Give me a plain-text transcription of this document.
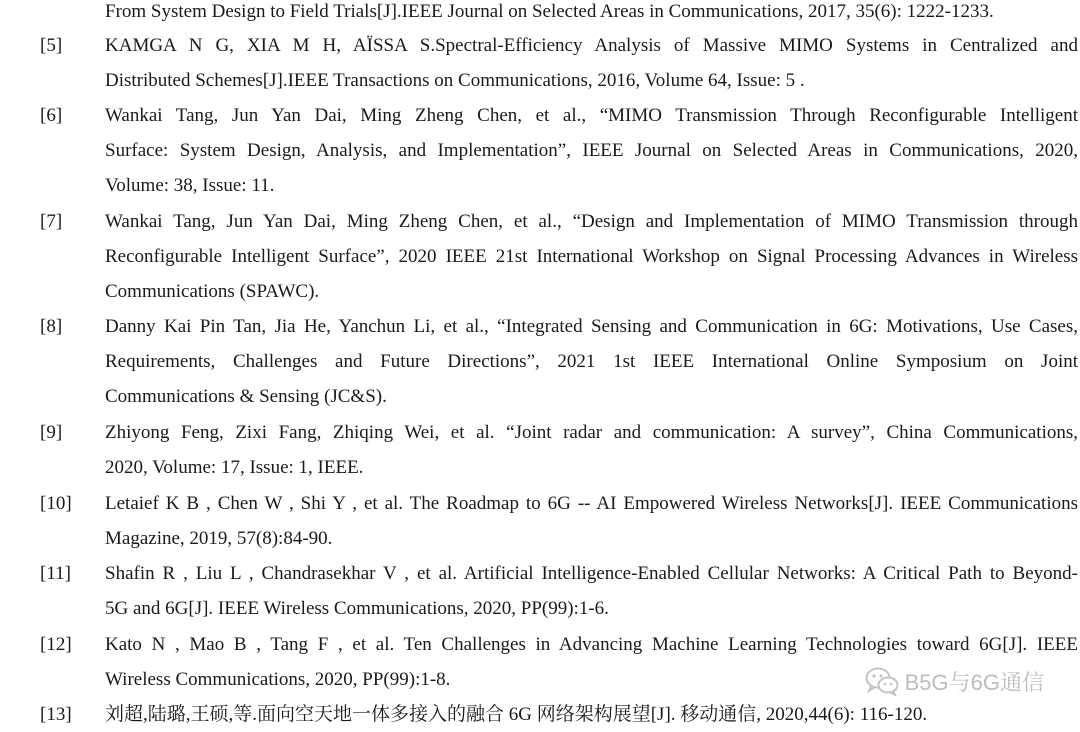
From System Design to Field Trials[J].IEEE Journal on Selected Areas in Communications, 2017, 35(6): 1222-1233.
[5] KAMGA N G, XIA M H, AÏSSA S.Spectral-Efficiency Analysis of Massive MIMO Systems in Centralized and
Distributed Schemes[J].IEEE Transactions on Communications, 2016, Volume 64, Issue: 5 .
[6] Wankai Tang, Jun Yan Dai, Ming Zheng Chen, et al., “MIMO Transmission Through Reconfigurable Intelligent
Surface: System Design, Analysis, and Implementation”, IEEE Journal on Selected Areas in Communications, 2020,
Volume: 38, Issue: 11.
[7] Wankai Tang, Jun Yan Dai, Ming Zheng Chen, et al., “Design and Implementation of MIMO Transmission through
Reconfigurable Intelligent Surface”, 2020 IEEE 21st International Workshop on Signal Processing Advances in Wireless
Communications (SPAWC).
[8] Danny Kai Pin Tan, Jia He, Yanchun Li, et al., “Integrated Sensing and Communication in 6G: Motivations, Use Cases,
Requirements, Challenges and Future Directions”, 2021 1st IEEE International Online Symposium on Joint
Communications & Sensing (JC&S).
[9] Zhiyong Feng, Zixi Fang, Zhiqing Wei, et al. “Joint radar and communication: A survey”, China Communications,
2020, Volume: 17, Issue: 1, IEEE.
[10] Letaief K B , Chen W , Shi Y , et al. The Roadmap to 6G -- AI Empowered Wireless Networks[J]. IEEE Communications
Magazine, 2019, 57(8):84-90.
[11] Shafin R , Liu L , Chandrasekhar V , et al. Artificial Intelligence-Enabled Cellular Networks: A Critical Path to Beyond-
5G and 6G[J]. IEEE Wireless Communications, 2020, PP(99):1-6.
[12] Kato N , Mao B , Tang F , et al. Ten Challenges in Advancing Machine Learning Technologies toward 6G[J]. IEEE
Wireless Communications, 2020, PP(99):1-8.
[13] 刘超,陆璐,王硕,等.面向空天地一体多接入的融合 6G 网络架构展望[J]. 移动通信, 2020,44(6): 116-120.
B5G与6G通信
